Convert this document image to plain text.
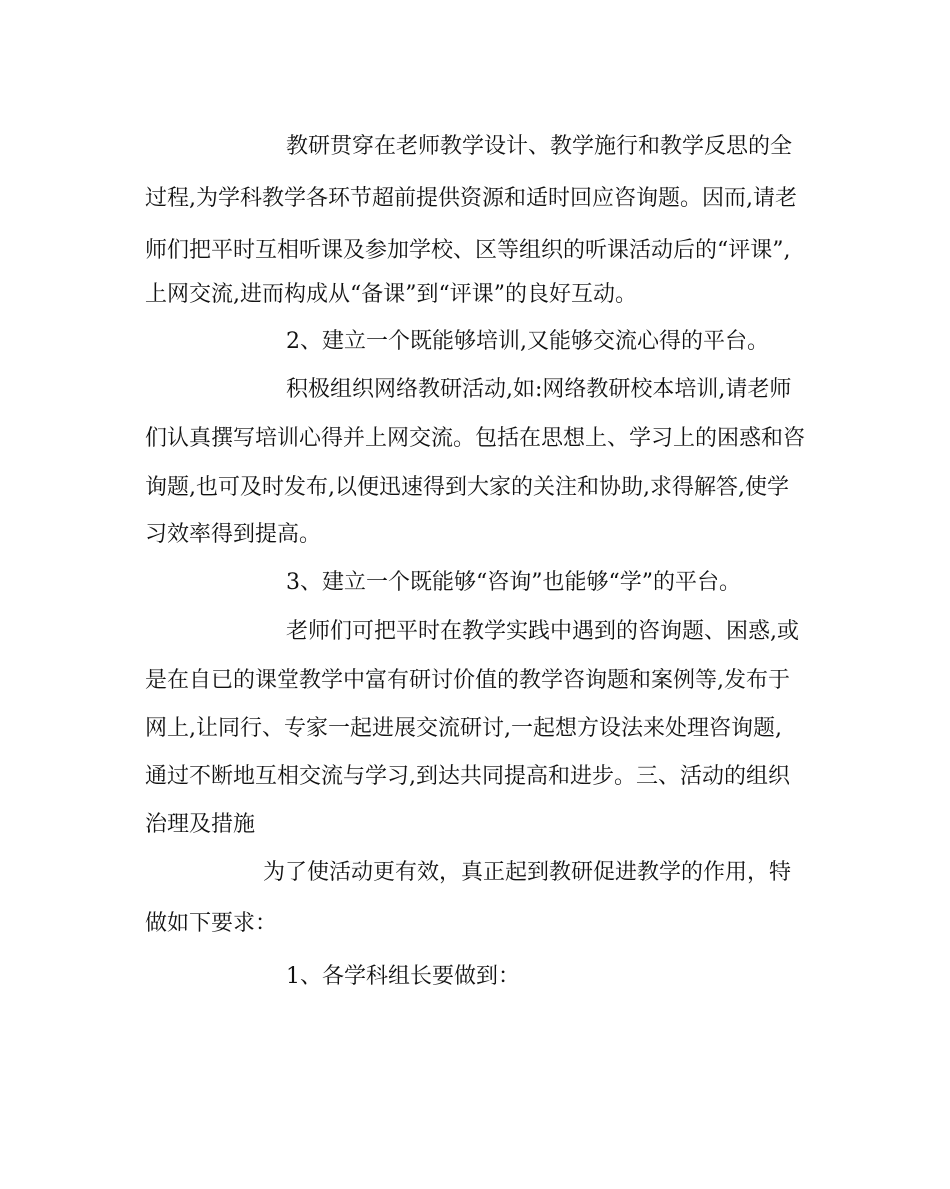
教研贯穿在老师教学设计、教学施行和教学反思的全

过程,为学科教学各环节超前提供资源和适时回应咨询题。因而,请老

师们把平时互相听课及参加学校、区等组织的听课活动后的“评课”,

上网交流,进而构成从“备课”到“评课”的良好互动。

2、建立一个既能够培训,又能够交流心得的平台。

积极组织网络教研活动,如:网络教研校本培训,请老师

们认真撰写培训心得并上网交流。包括在思想上、学习上的困惑和咨

询题,也可及时发布,以便迅速得到大家的关注和协助,求得解答,使学

习效率得到提高。

3、建立一个既能够“咨询”也能够“学”的平台。

老师们可把平时在教学实践中遇到的咨询题、困惑,或

是在自已的课堂教学中富有研讨价值的教学咨询题和案例等,发布于

网上,让同行、专家一起进展交流研讨,一起想方设法来处理咨询题,

通过不断地互相交流与学习,到达共同提高和进步。三、活动的组织

治理及措施

为了使活动更有效，真正起到教研促进教学的作用，特

做如下要求：

1、各学科组长要做到：
